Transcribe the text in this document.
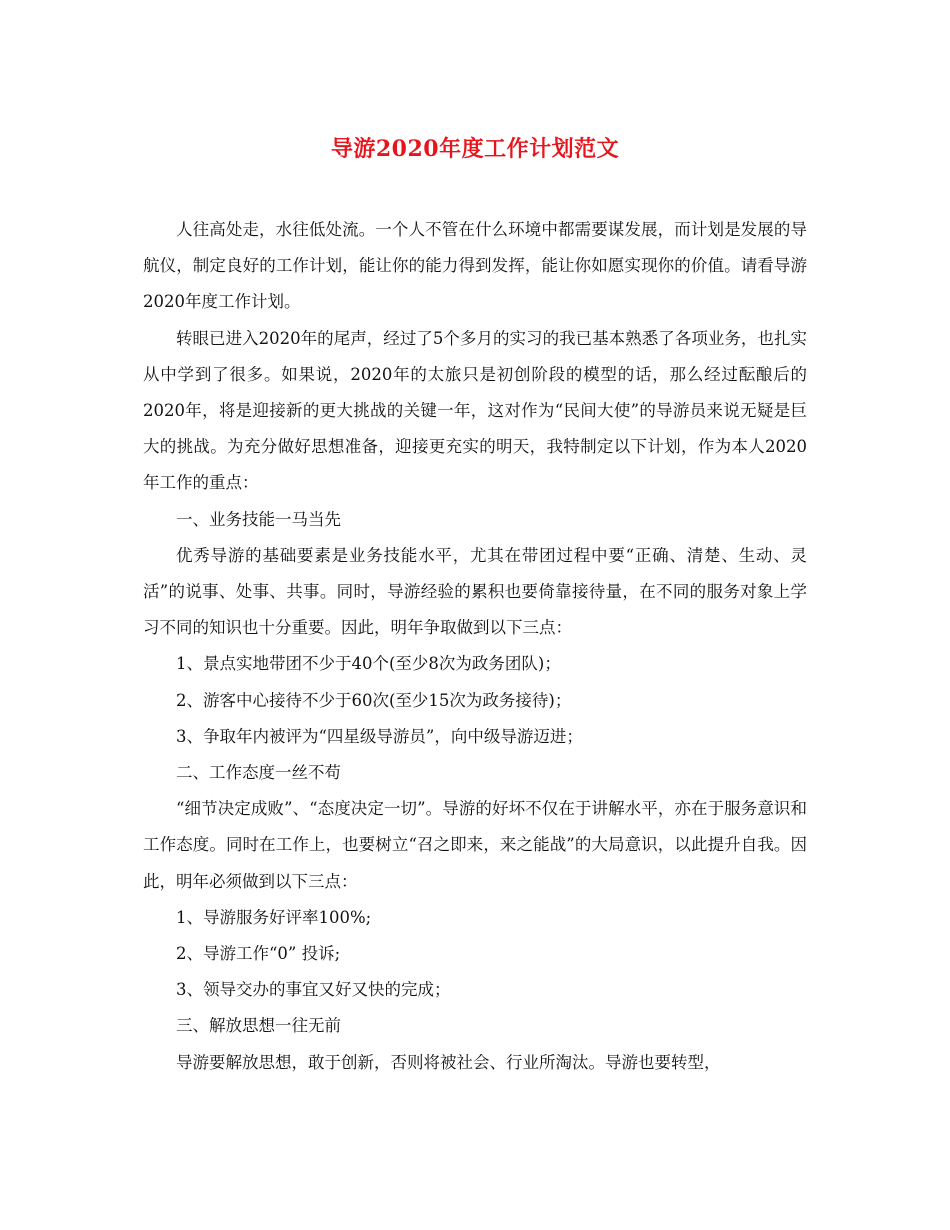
导游2020年度工作计划范文

人往高处走，水往低处流。一个人不管在什么环境中都需要谋发展，而计划是发展的导航仪，制定良好的工作计划，能让你的能力得到发挥，能让你如愿实现你的价值。请看导游2020年度工作计划。

转眼已进入2020年的尾声，经过了5个多月的实习的我已基本熟悉了各项业务，也扎实从中学到了很多。如果说，2020年的太旅只是初创阶段的模型的话，那么经过酝酿后的2020年，将是迎接新的更大挑战的关键一年，这对作为“民间大使”的导游员来说无疑是巨大的挑战。为充分做好思想准备，迎接更充实的明天，我特制定以下计划，作为本人2020年工作的重点：

一、业务技能一马当先

优秀导游的基础要素是业务技能水平，尤其在带团过程中要“正确、清楚、生动、灵活”的说事、处事、共事。同时，导游经验的累积也要倚靠接待量，在不同的服务对象上学习不同的知识也十分重要。因此，明年争取做到以下三点：

1、景点实地带团不少于40个(至少8次为政务团队)；

2、游客中心接待不少于60次(至少15次为政务接待)；

3、争取年内被评为“四星级导游员”，向中级导游迈进；

二、工作态度一丝不苟

“细节决定成败”、“态度决定一切”。导游的好坏不仅在于讲解水平，亦在于服务意识和工作态度。同时在工作上，也要树立“召之即来，来之能战”的大局意识，以此提升自我。因此，明年必须做到以下三点：

1、导游服务好评率100%;

2、导游工作“0” 投诉;

3、领导交办的事宜又好又快的完成；

三、解放思想一往无前

导游要解放思想，敢于创新，否则将被社会、行业所淘汰。导游也要转型，
